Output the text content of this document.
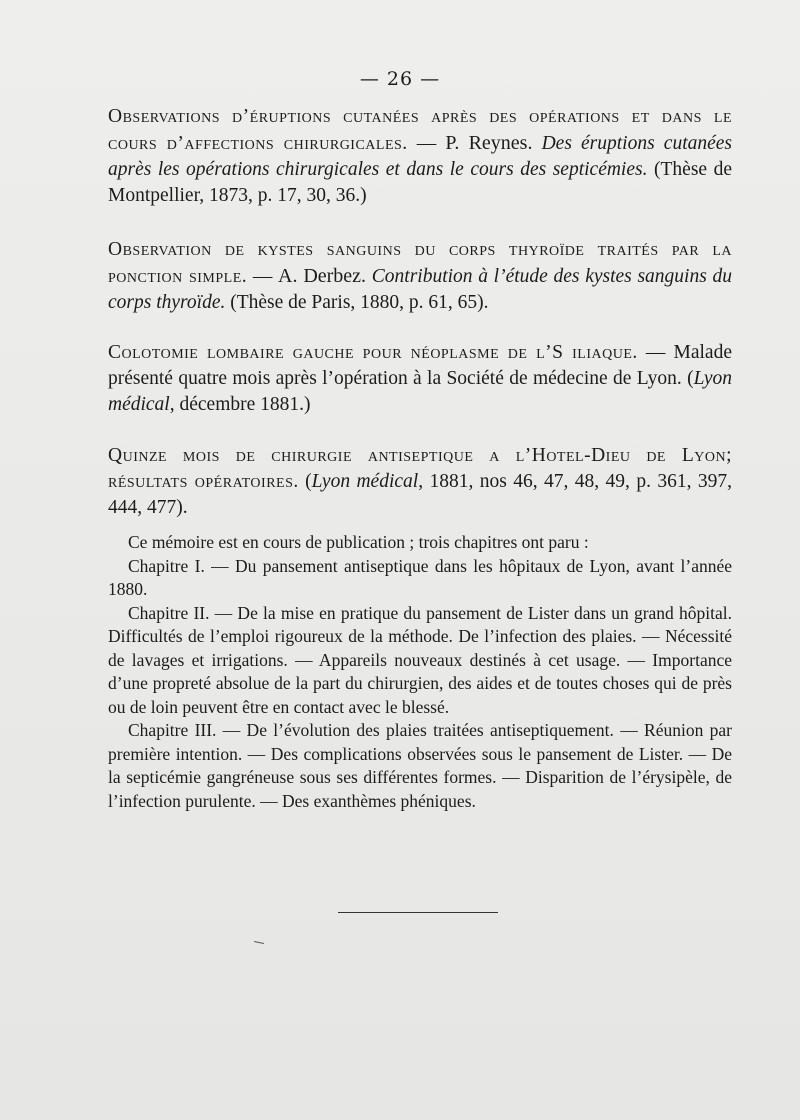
— 26 —
Observations d’éruptions cutanées après des opérations et dans le cours d’affections chirurgicales. — P. Reynes. Des éruptions cutanées après les opérations chirurgicales et dans le cours des septicémies. (Thèse de Montpellier, 1873, p. 17, 30, 36.)
Observation de kystes sanguins du corps thyroïde traités par la ponction simple. — A. Derbez. Contribution à l’étude des kystes sanguins du corps thyroïde. (Thèse de Paris, 1880, p. 61, 65).
Colotomie lombaire gauche pour néoplasme de l’S iliaque. — Malade présenté quatre mois après l’opération à la Société de médecine de Lyon. (Lyon médical, décembre 1881.)
Quinze mois de chirurgie antiseptique a l’Hotel-Dieu de Lyon; résultats opératoires. (Lyon médical, 1881, nos 46, 47, 48, 49, p. 361, 397, 444, 477).

Ce mémoire est en cours de publication ; trois chapitres ont paru :

Chapitre I. — Du pansement antiseptique dans les hôpitaux de Lyon, avant l’année 1880.

Chapitre II. — De la mise en pratique du pansement de Lister dans un grand hôpital. Difficultés de l’emploi rigoureux de la méthode. De l’infection des plaies. — Nécessité de lavages et irrigations. — Appareils nouveaux destinés à cet usage. — Importance d’une propreté absolue de la part du chirurgien, des aides et de toutes choses qui de près ou de loin peuvent être en contact avec le blessé.

Chapitre III. — De l’évolution des plaies traitées antiseptiquement. — Réunion par première intention. — Des complications observées sous le pansement de Lister. — De la septicémie gangréneuse sous ses différentes formes. — Disparition de l’érysipèle, de l’infection purulente. — Des exanthèmes phéniques.
